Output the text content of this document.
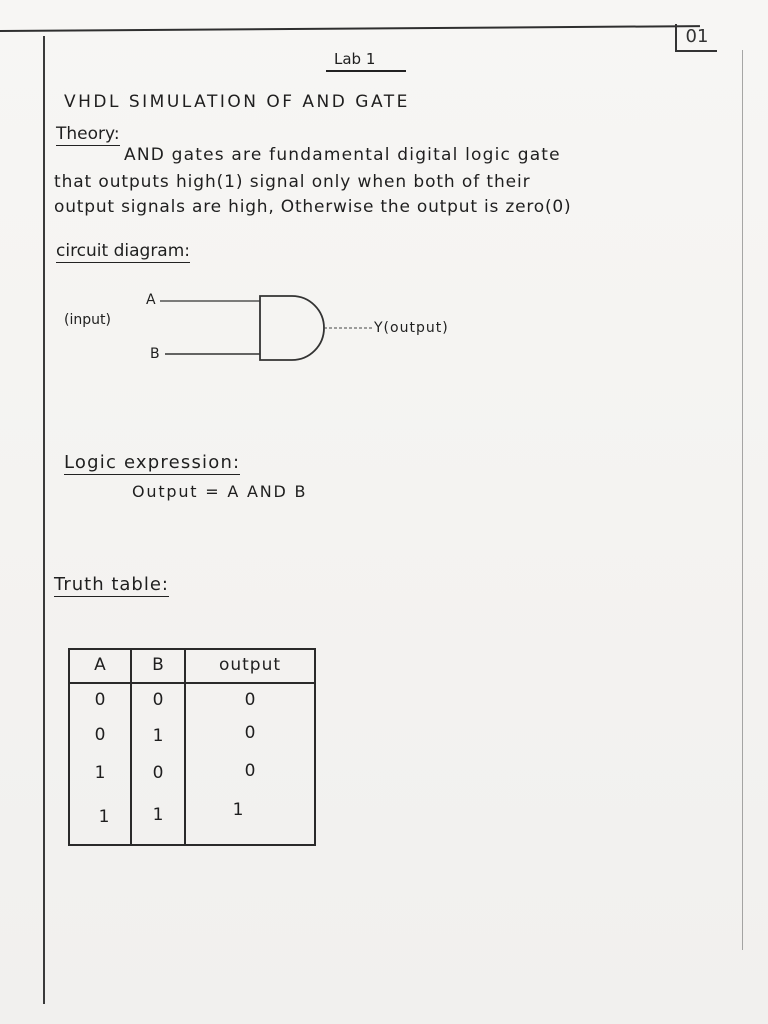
01
Lab 1
VHDL SIMULATION OF AND GATE
Theory:
AND gates are fundamental digital logic gate
that outputs high(1) signal only when both of their
output signals are high, Otherwise the output is zero(0)
circuit diagram:
(input)
A
B
Y(output)
Logic expression:
Output = A AND B
Truth table:
A	B	output
0	0	0
0	1	0
1	0	0
1	1	1
